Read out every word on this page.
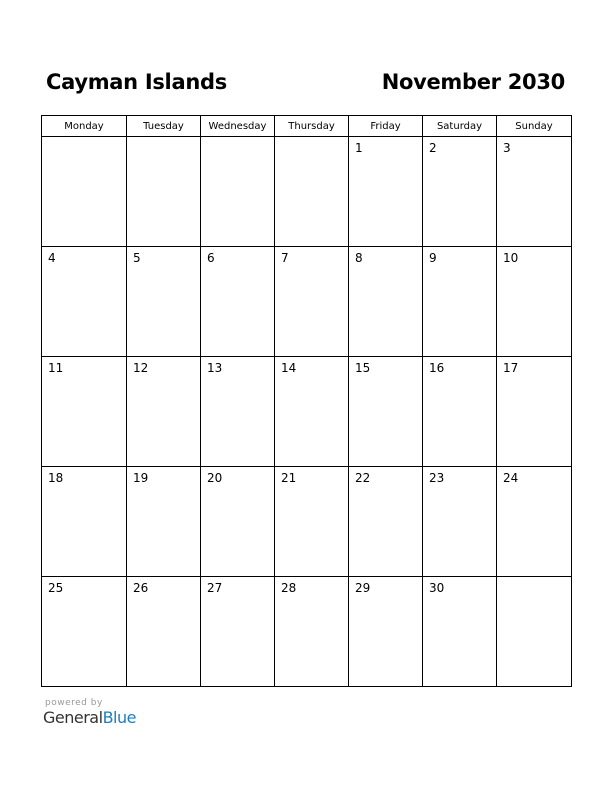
Cayman Islands	November 2030
Monday	Tuesday	Wednesday	Thursday	Friday	Saturday	Sunday

				1	2	3

4	5	6	7	8	9	10

11	12	13	14	15	16	17

18	19	20	21	22	23	24

25	26	27	28	29	30	

powered by
GeneralBlue
